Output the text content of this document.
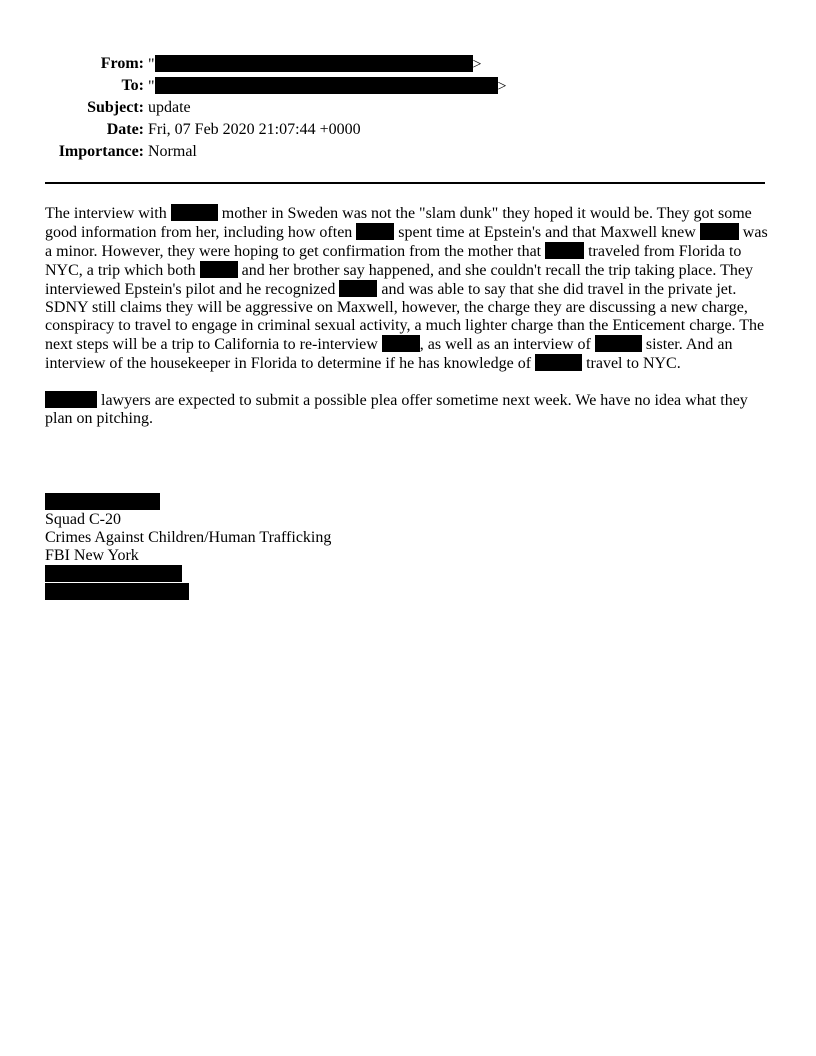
From:	" >
To:	" >
Subject:	update
Date:	Fri, 07 Feb 2020 21:07:44 +0000
Importance:	Normal

The interview with	mother in Sweden was not the "slam dunk" they hoped it would be. They got some good information from her, including how often  spent time at Epstein's and that Maxwell knew  was a minor. However, they were hoping to get confirmation from the mother that  traveled from Florida to NYC, a trip which both  and her brother say happened, and she couldn't recall the trip taking place. They interviewed Epstein's pilot and he recognized  and was able to say that she did travel in the private jet. SDNY still claims they will be aggressive on Maxwell, however, the charge they are discussing a new charge, conspiracy to travel to engage in criminal sexual activity, a much lighter charge than the Enticement charge. The next steps will be a trip to California to re-interview , as well as an interview of	sister. And an interview of the housekeeper in Florida to determine if he has knowledge of	travel to NYC.

lawyers are expected to submit a possible plea offer sometime next week. We have no idea what they plan on pitching.

Squad C-20
Crimes Against Children/Human Trafficking
FBI New York
